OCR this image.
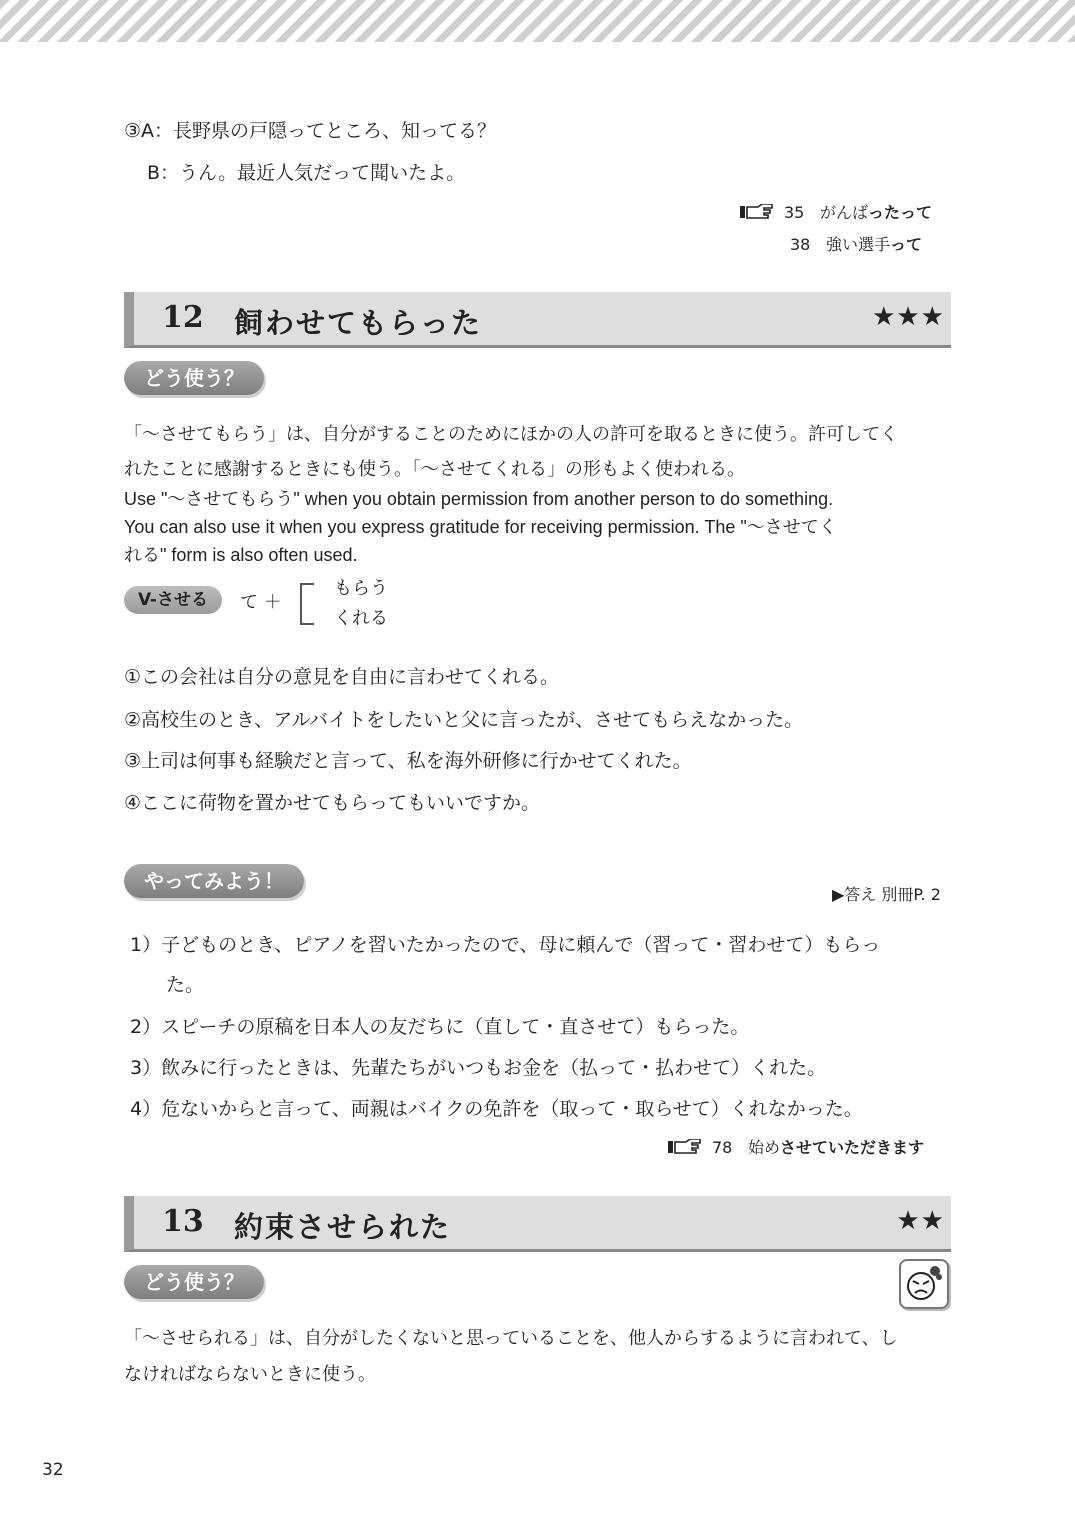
③A：長野県の戸隠ってところ、知ってる？
B：うん。最近人気だって聞いたよ。
35 がんばったって
38 強い選手って
12 飼わせてもらった	★★★
どう使う？
「～させてもらう」は、自分がすることのためにほかの人の許可を取るときに使う。許可してく
れたことに感謝するときにも使う。「～させてくれる」の形もよく使われる。
Use "～させてもらう" when you obtain permission from another person to do something.
You can also use it when you express gratitude for receiving permission. The "～させてく
れる" form is also often used.
V-させる	て ＋
もらう
くれる
①この会社は自分の意見を自由に言わせてくれる。
②高校生のとき、アルバイトをしたいと父に言ったが、させてもらえなかった。
③上司は何事も経験だと言って、私を海外研修に行かせてくれた。
④ここに荷物を置かせてもらってもいいですか。
やってみよう！
▶答え 別冊P. 2
1）子どものとき、ピアノを習いたかったので、母に頼んで（習って・習わせて）もらっ
た。
2）スピーチの原稿を日本人の友だちに（直して・直させて）もらった。
3）飲みに行ったときは、先輩たちがいつもお金を（払って・払わせて）くれた。
4）危ないからと言って、両親はバイクの免許を（取って・取らせて）くれなかった。
78 始めさせていただきます
13 約束させられた	★★
どう使う？
「～させられる」は、自分がしたくないと思っていることを、他人からするように言われて、し
なければならないときに使う。
32
